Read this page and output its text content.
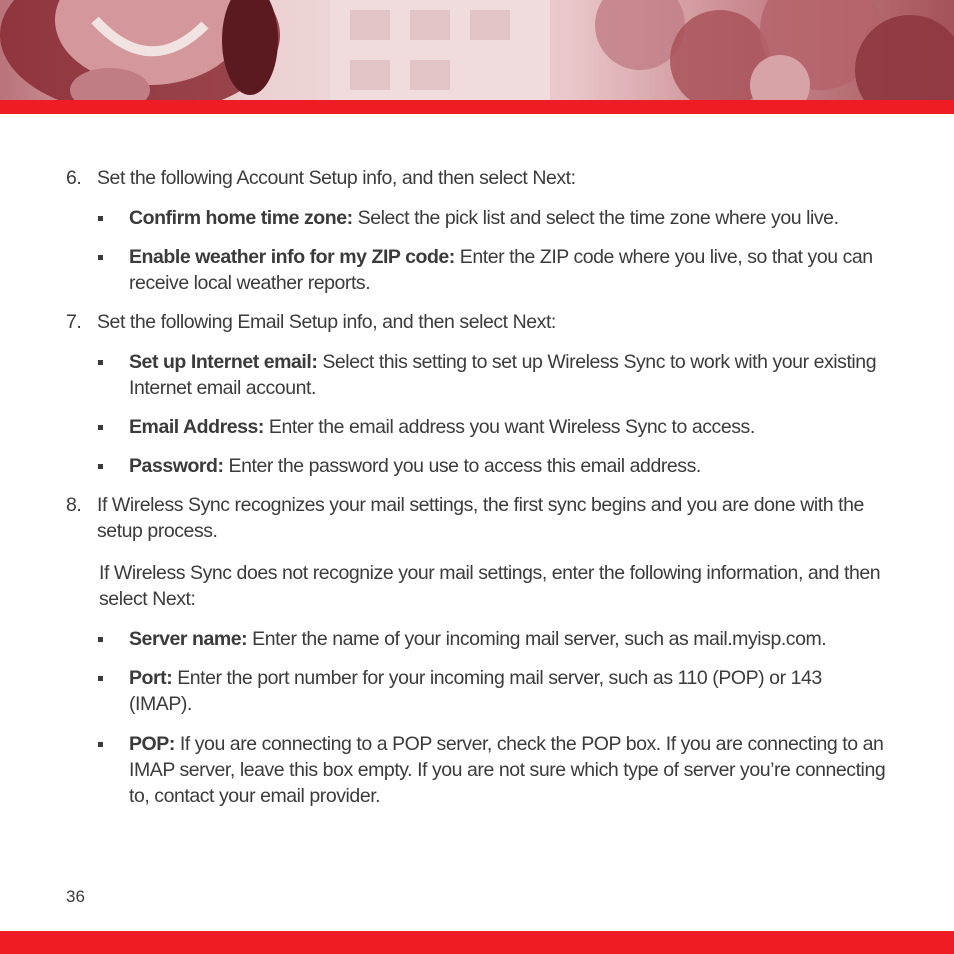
6. Set the following Account Setup info, and then select Next:
Confirm home time zone: Select the pick list and select the time zone where you live.
Enable weather info for my ZIP code: Enter the ZIP code where you live, so that you can receive local weather reports.
7. Set the following Email Setup info, and then select Next:
Set up Internet email: Select this setting to set up Wireless Sync to work with your existing Internet email account.
Email Address: Enter the email address you want Wireless Sync to access.
Password: Enter the password you use to access this email address.
8. If Wireless Sync recognizes your mail settings, the first sync begins and you are done with the setup process.
If Wireless Sync does not recognize your mail settings, enter the following information, and then select Next:
Server name: Enter the name of your incoming mail server, such as mail.myisp.com.
Port: Enter the port number for your incoming mail server, such as 110 (POP) or 143 (IMAP).
POP: If you are connecting to a POP server, check the POP box. If you are connecting to an IMAP server, leave this box empty. If you are not sure which type of server you’re connecting to, contact your email provider.
36
